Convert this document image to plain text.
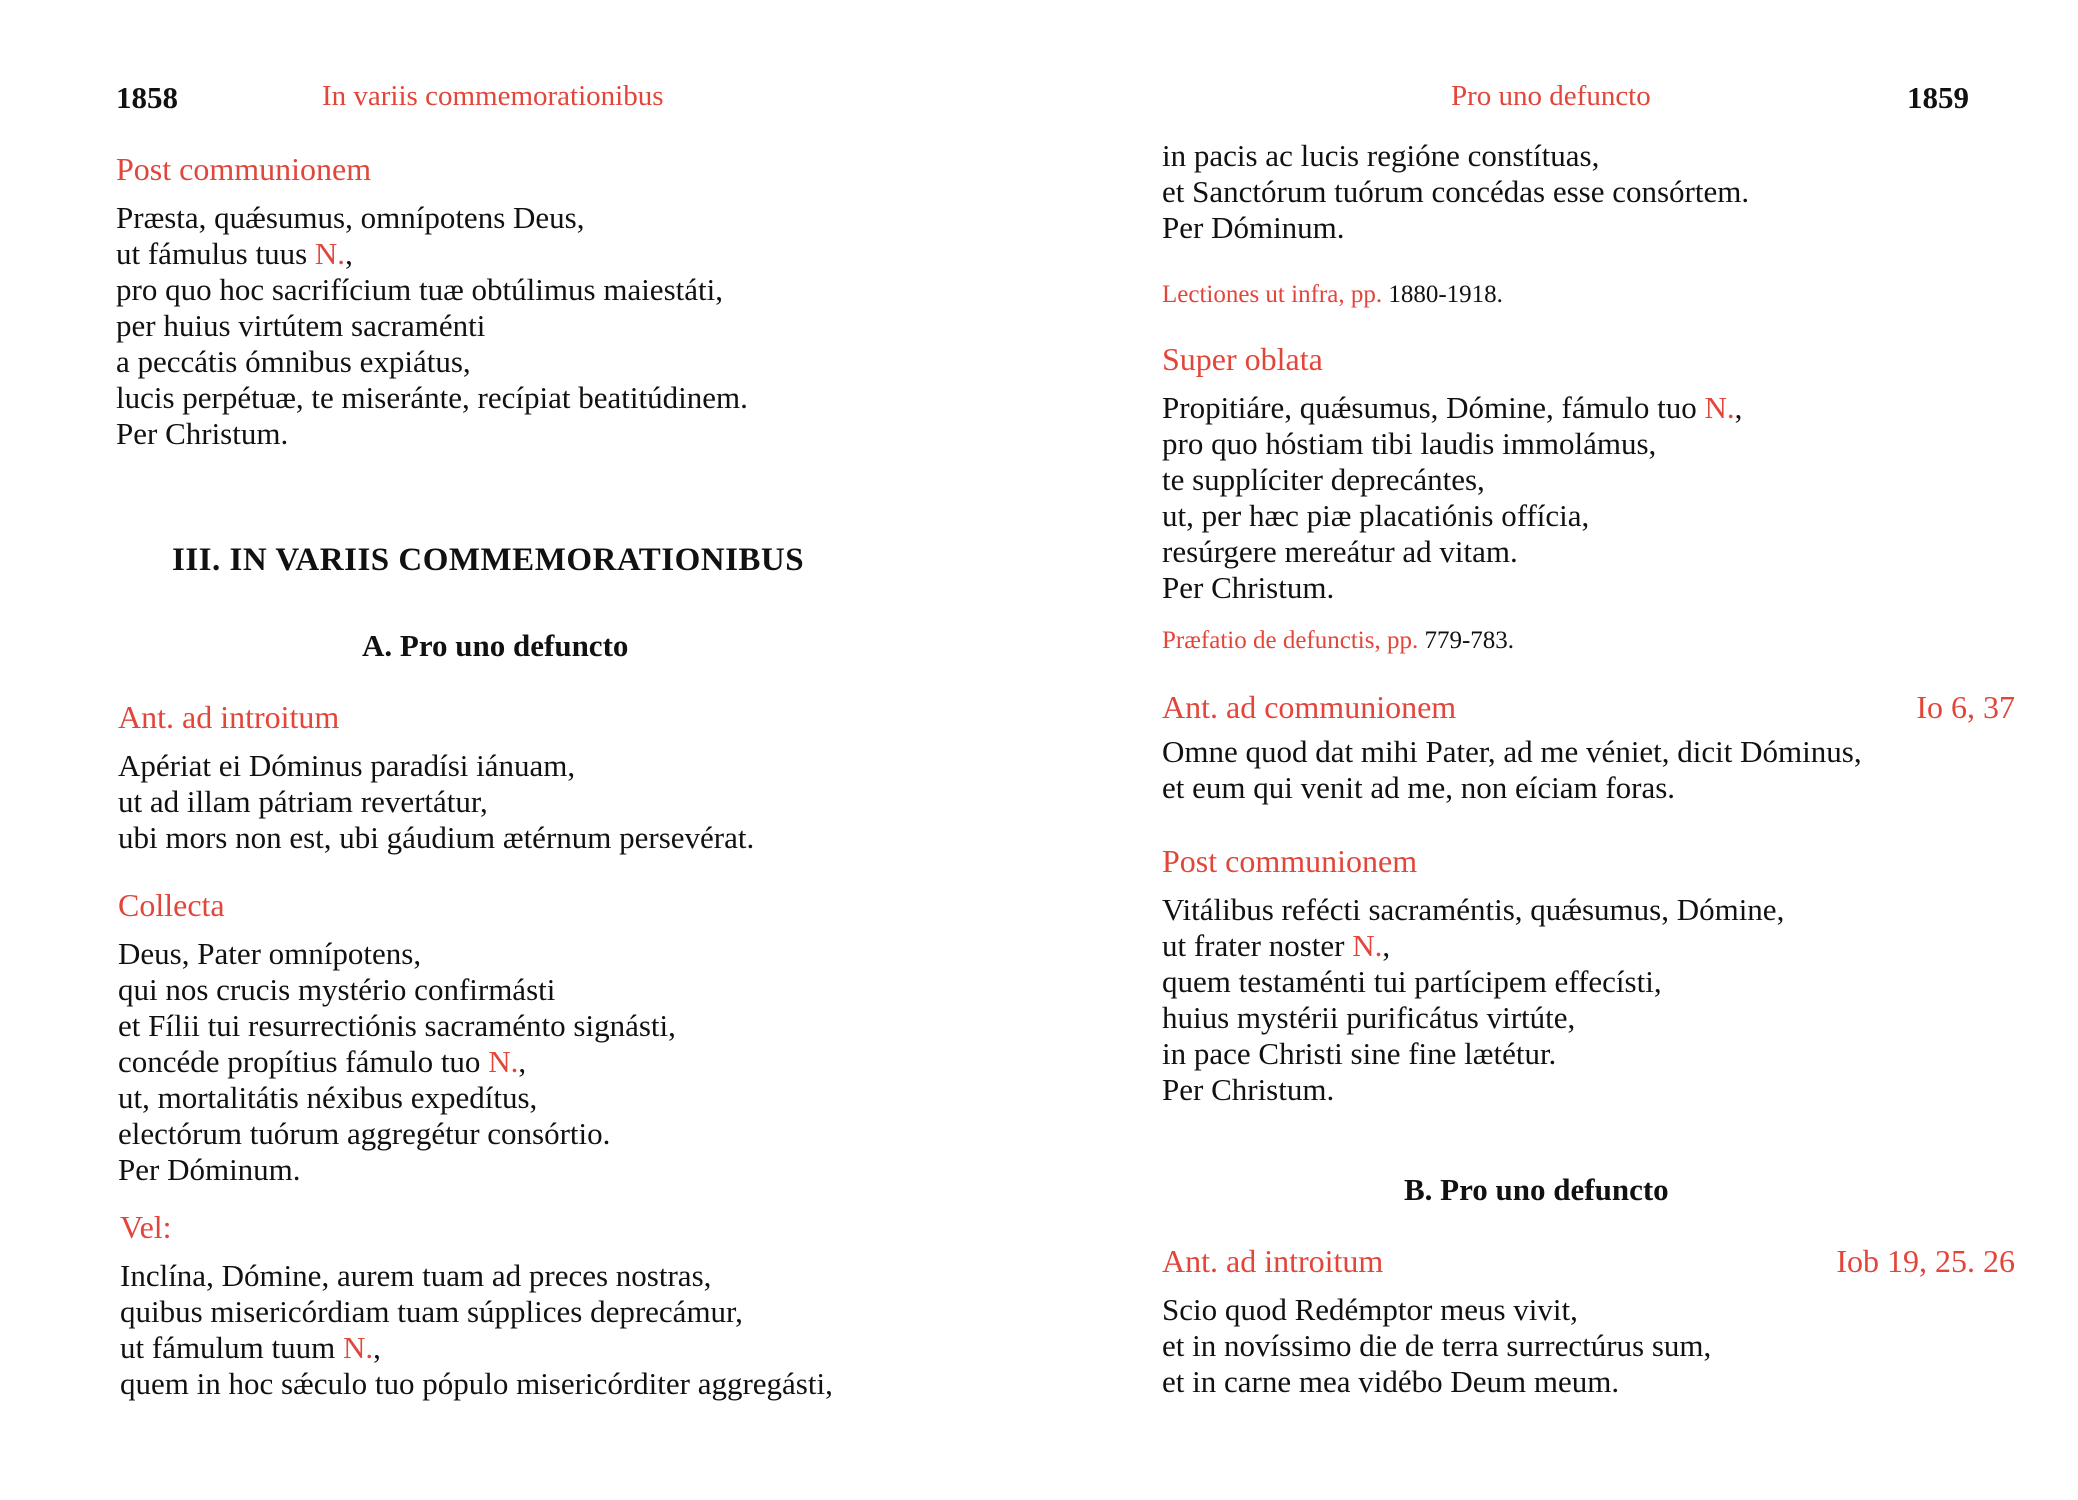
1858	In variis commemorationibus
Post communionem
Præsta, quǽsumus, omnípotens Deus,
ut fámulus tuus N.,
pro quo hoc sacrifícium tuæ obtúlimus maiestáti,
per huius virtútem sacraménti
a peccátis ómnibus expiátus,
lucis perpétuæ, te miseránte, recípiat beatitúdinem.
Per Christum.
III. IN VARIIS COMMEMORATIONIBUS
A. Pro uno defuncto
Ant. ad introitum
Apériat ei Dóminus paradísi iánuam,
ut ad illam pátriam revertátur,
ubi mors non est, ubi gáudium ætérnum persevérat.
Collecta
Deus, Pater omnípotens,
qui nos crucis mystério confirmásti
et Fílii tui resurrectiónis sacraménto signásti,
concéde propítius fámulo tuo N.,
ut, mortalitátis néxibus expedítus,
electórum tuórum aggregétur consórtio.
Per Dóminum.
Vel:
Inclína, Dómine, aurem tuam ad preces nostras,
quibus misericórdiam tuam súpplices deprecámur,
ut fámulum tuum N.,
quem in hoc sǽculo tuo pópulo misericórditer aggregásti,
Pro uno defuncto	1859
in pacis ac lucis regióne constítuas,
et Sanctórum tuórum concédas esse consórtem.
Per Dóminum.
Lectiones ut infra, pp. 1880-1918.
Super oblata
Propitiáre, quǽsumus, Dómine, fámulo tuo N.,
pro quo hóstiam tibi laudis immolámus,
te supplíciter deprecántes,
ut, per hæc piæ placatiónis offícia,
resúrgere mereátur ad vitam.
Per Christum.
Præfatio de defunctis, pp. 779-783.
Ant. ad communionem	Io 6, 37
Omne quod dat mihi Pater, ad me véniet, dicit Dóminus,
et eum qui venit ad me, non eíciam foras.
Post communionem
Vitálibus refécti sacraméntis, quǽsumus, Dómine,
ut frater noster N.,
quem testaménti tui partícipem effecísti,
huius mystérii purificátus virtúte,
in pace Christi sine fine lætétur.
Per Christum.
B. Pro uno defuncto
Ant. ad introitum	Iob 19, 25. 26
Scio quod Redémptor meus vivit,
et in novíssimo die de terra surrectúrus sum,
et in carne mea vidébo Deum meum.
